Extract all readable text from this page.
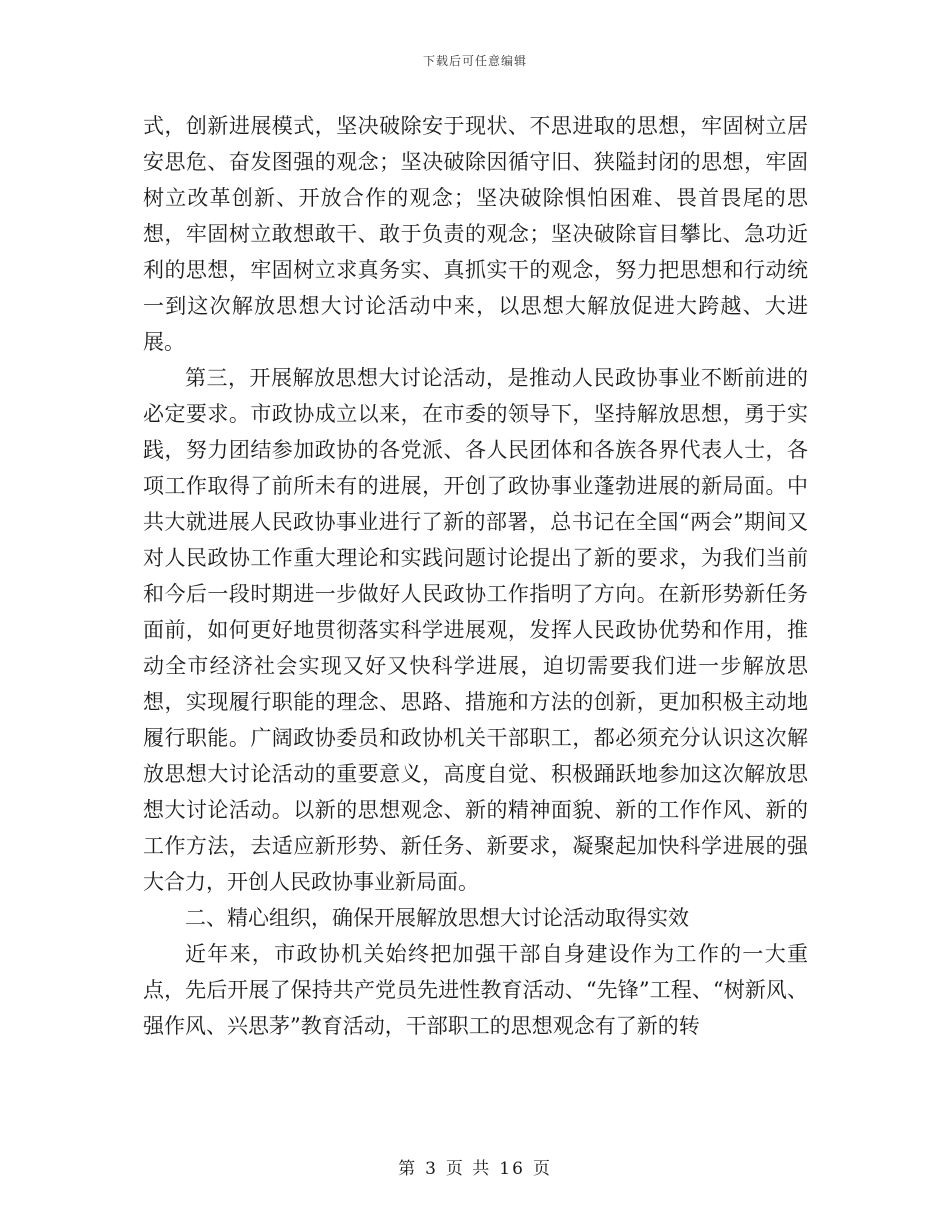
下载后可任意编辑

式，创新进展模式，坚决破除安于现状、不思进取的思想，牢固树立居安思危、奋发图强的观念；坚决破除因循守旧、狭隘封闭的思想，牢固树立改革创新、开放合作的观念；坚决破除惧怕困难、畏首畏尾的思想，牢固树立敢想敢干、敢于负责的观念；坚决破除盲目攀比、急功近利的思想，牢固树立求真务实、真抓实干的观念，努力把思想和行动统一到这次解放思想大讨论活动中来，以思想大解放促进大跨越、大进展。

第三，开展解放思想大讨论活动，是推动人民政协事业不断前进的必定要求。市政协成立以来，在市委的领导下，坚持解放思想，勇于实践，努力团结参加政协的各党派、各人民团体和各族各界代表人士，各项工作取得了前所未有的进展，开创了政协事业蓬勃进展的新局面。中共大就进展人民政协事业进行了新的部署，总书记在全国“两会”期间又对人民政协工作重大理论和实践问题讨论提出了新的要求，为我们当前和今后一段时期进一步做好人民政协工作指明了方向。在新形势新任务面前，如何更好地贯彻落实科学进展观，发挥人民政协优势和作用，推动全市经济社会实现又好又快科学进展，迫切需要我们进一步解放思想，实现履行职能的理念、思路、措施和方法的创新，更加积极主动地履行职能。广阔政协委员和政协机关干部职工，都必须充分认识这次解放思想大讨论活动的重要意义，高度自觉、积极踊跃地参加这次解放思想大讨论活动。以新的思想观念、新的精神面貌、新的工作作风、新的工作方法，去适应新形势、新任务、新要求，凝聚起加快科学进展的强大合力，开创人民政协事业新局面。

二、精心组织，确保开展解放思想大讨论活动取得实效

近年来，市政协机关始终把加强干部自身建设作为工作的一大重点，先后开展了保持共产党员先进性教育活动、“先锋”工程、“树新风、强作风、兴思茅”教育活动，干部职工的思想观念有了新的转

第 3 页 共 16 页
